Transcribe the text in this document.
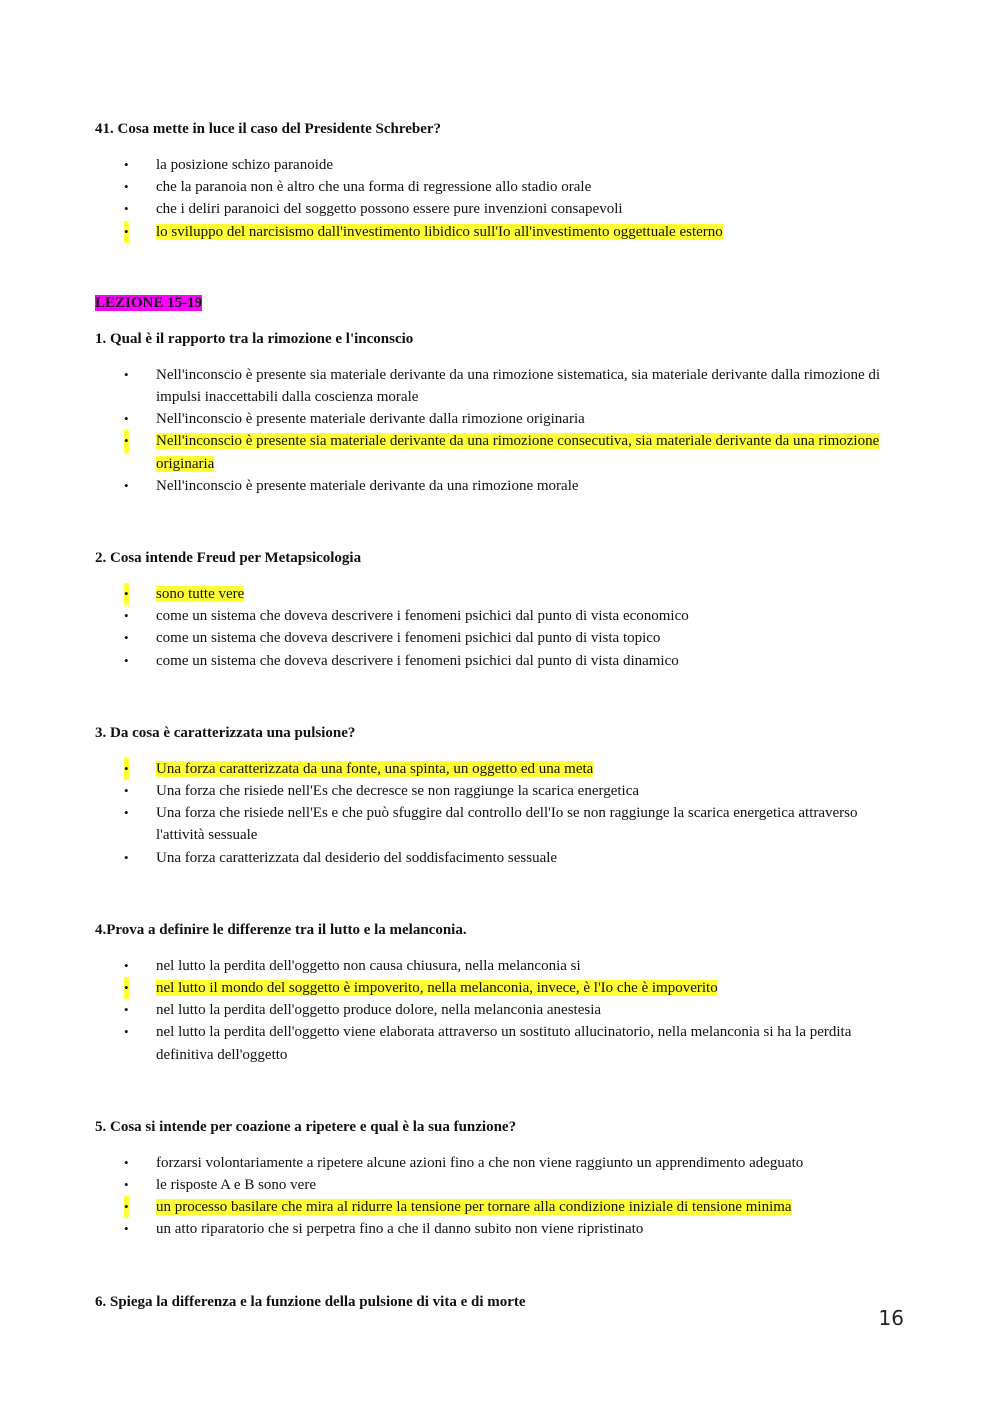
41. Cosa mette in luce il caso del Presidente Schreber?
• la posizione schizo paranoide
• che la paranoia non è altro che una forma di regressione allo stadio orale
• che i deliri paranoici del soggetto possono essere pure invenzioni consapevoli
• lo sviluppo del narcisismo dall'investimento libidico sull'Io all'investimento oggettuale esterno
LEZIONE 15-19
1. Qual è il rapporto tra la rimozione e l'inconscio
• Nell'inconscio è presente sia materiale derivante da una rimozione sistematica, sia materiale derivante dalla rimozione di impulsi inaccettabili dalla coscienza morale
• Nell'inconscio è presente materiale derivante dalla rimozione originaria
• Nell'inconscio è presente sia materiale derivante da una rimozione consecutiva, sia materiale derivante da una rimozione originaria
• Nell'inconscio è presente materiale derivante da una rimozione morale
2. Cosa intende Freud per Metapsicologia
• sono tutte vere
• come un sistema che doveva descrivere i fenomeni psichici dal punto di vista economico
• come un sistema che doveva descrivere i fenomeni psichici dal punto di vista topico
• come un sistema che doveva descrivere i fenomeni psichici dal punto di vista dinamico
3. Da cosa è caratterizzata una pulsione?
• Una forza caratterizzata da una fonte, una spinta, un oggetto ed una meta
• Una forza che risiede nell'Es che decresce se non raggiunge la scarica energetica
• Una forza che risiede nell'Es e che può sfuggire dal controllo dell'Io se non raggiunge la scarica energetica attraverso l'attività sessuale
• Una forza caratterizzata dal desiderio del soddisfacimento sessuale
4.Prova a definire le differenze tra il lutto e la melanconia.
• nel lutto la perdita dell'oggetto non causa chiusura, nella melanconia si
• nel lutto il mondo del soggetto è impoverito, nella melanconia, invece, è l'Io che è impoverito
• nel lutto la perdita dell'oggetto produce dolore, nella melanconia anestesia
• nel lutto la perdita dell'oggetto viene elaborata attraverso un sostituto allucinatorio, nella melanconia si ha la perdita definitiva dell'oggetto
5. Cosa si intende per coazione a ripetere e qual è la sua funzione?
• forzarsi volontariamente a ripetere alcune azioni fino a che non viene raggiunto un apprendimento adeguato
• le risposte A e B sono vere
• un processo basilare che mira al ridurre la tensione per tornare alla condizione iniziale di tensione minima
• un atto riparatorio che si perpetra fino a che il danno subito non viene ripristinato
6. Spiega la differenza e la funzione della pulsione di vita e di morte
16
